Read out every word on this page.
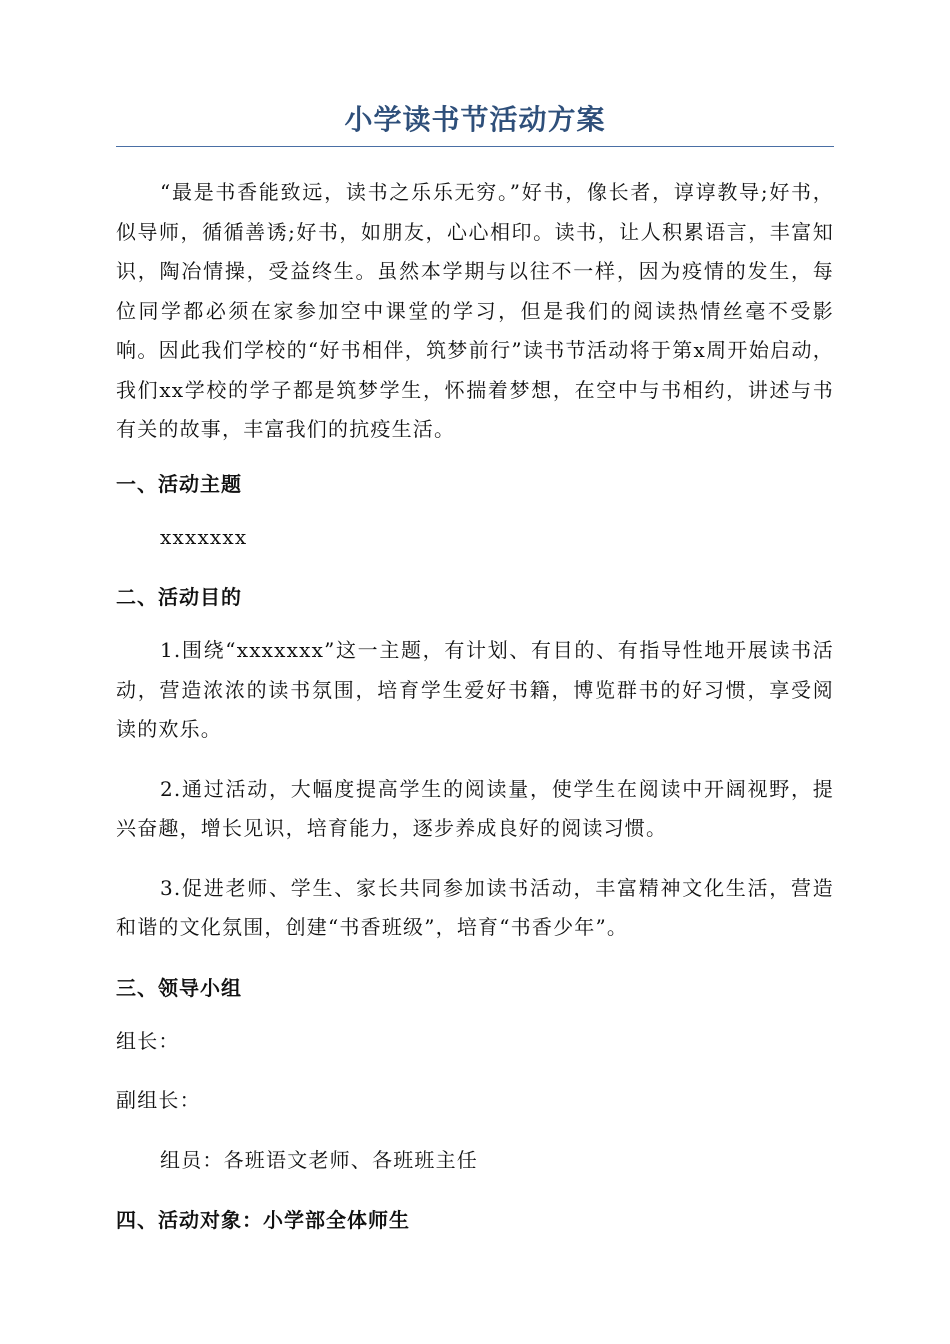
小学读书节活动方案

“最是书香能致远，读书之乐乐无穷。”好书，像长者，谆谆教导;好书，似导师，循循善诱;好书，如朋友，心心相印。读书，让人积累语言，丰富知识，陶冶情操，受益终生。虽然本学期与以往不一样，因为疫情的发生，每位同学都必须在家参加空中课堂的学习，但是我们的阅读热情丝毫不受影响。因此我们学校的“好书相伴，筑梦前行”读书节活动将于第x周开始启动，我们xx学校的学子都是筑梦学生，怀揣着梦想，在空中与书相约，讲述与书有关的故事，丰富我们的抗疫生活。

一、活动主题

xxxxxxx

二、活动目的

1.围绕“xxxxxxx”这一主题，有计划、有目的、有指导性地开展读书活动，营造浓浓的读书氛围，培育学生爱好书籍，博览群书的好习惯，享受阅读的欢乐。

2.通过活动，大幅度提高学生的阅读量，使学生在阅读中开阔视野，提兴奋趣，增长见识，培育能力，逐步养成良好的阅读习惯。

3.促进老师、学生、家长共同参加读书活动，丰富精神文化生活，营造和谐的文化氛围，创建“书香班级”，培育“书香少年”。

三、领导小组

组长：

副组长：

组员：各班语文老师、各班班主任

四、活动对象：小学部全体师生
